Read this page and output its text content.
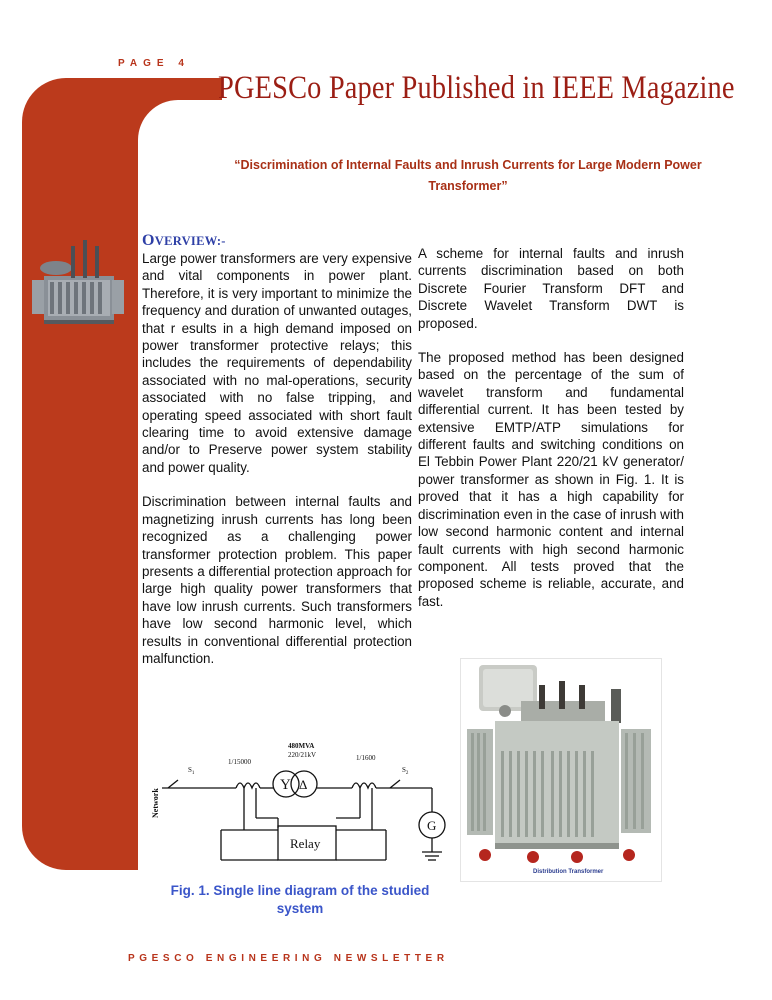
PAGE 4
PGESCo Paper Published in IEEE Magazine
“Discrimination of Internal Faults and Inrush Currents for Large Modern Power Transformer”
OVERVIEW:-

Large power transformers are very expensive and vital components in power plant. Therefore, it is very important to minimize the frequency and duration of unwanted outages, that r esults in a high demand imposed on power transformer protective relays; this includes the requirements of dependability associated with no mal-operations, security associated with no false tripping, and operating speed associated with short fault clearing time to avoid extensive damage and/or to Preserve power system stability and power quality.

Discrimination between internal faults and magnetizing inrush currents has long been recognized as a challenging power transformer protection problem. This paper presents a differential protection approach for large high quality power transformers that have low inrush currents. Such transformers have low second harmonic level, which results in conventional differential protection malfunction.

A scheme for internal faults and inrush currents discrimination based on both Discrete Fourier Transform DFT and Discrete Wavelet Transform DWT is proposed.

The proposed method has been designed based on the percentage of the sum of wavelet transform and fundamental differential current. It has been tested by extensive EMTP/ATP simulations for different faults and switching conditions on El Tebbin Power Plant 220/21 kV generator/ power transformer as shown in Fig. 1. It is proved that it has a high capability for discrimination even in the case of inrush with low second harmonic content and internal fault currents with high second harmonic component. All tests proved that the proposed scheme is reliable, accurate, and fast.

Network
$S_1$
1/15000
Y Δ
480MVA
220/21kV	1/1600
$S_2$
G
Relay
Fig. 1. Single line diagram of the studied system
Distribution Transformer
PGESCO ENGINEERING NEWSLETTER
